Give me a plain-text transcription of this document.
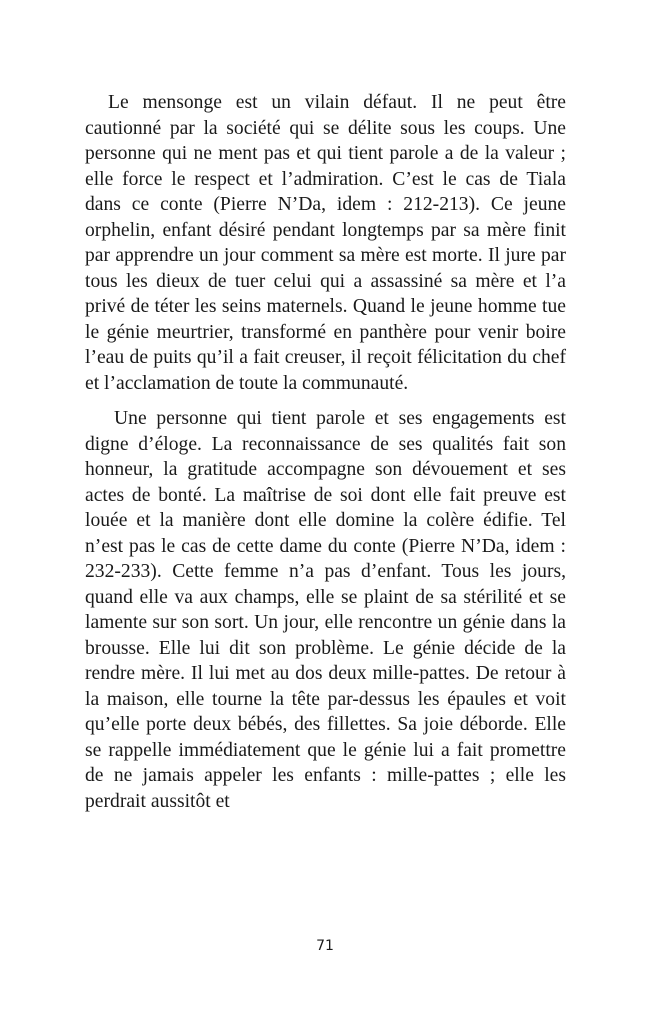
Le mensonge est un vilain défaut. Il ne peut être cautionné par la société qui se délite sous les coups. Une personne qui ne ment pas et qui tient parole a de la valeur ; elle force le respect et l’admiration. C’est le cas de Tiala dans ce conte (Pierre N’Da, idem : 212-213). Ce jeune orphelin, enfant désiré pendant longtemps par sa mère finit par apprendre un jour comment sa mère est morte. Il jure par tous les dieux de tuer celui qui a assassiné sa mère et l’a privé de téter les seins maternels. Quand le jeune homme tue le génie meurtrier, transformé en panthère pour venir boire l’eau de puits qu’il a fait creuser, il reçoit félicitation du chef et l’acclamation de toute la communauté.

Une personne qui tient parole et ses engagements est digne d’éloge. La reconnaissance de ses qualités fait son honneur, la gratitude accompagne son dévouement et ses actes de bonté. La maîtrise de soi dont elle fait preuve est louée et la manière dont elle domine la colère édifie. Tel n’est pas le cas de cette dame du conte (Pierre N’Da, idem : 232-233). Cette femme n’a pas d’enfant. Tous les jours, quand elle va aux champs, elle se plaint de sa stérilité et se lamente sur son sort. Un jour, elle rencontre un génie dans la brousse. Elle lui dit son problème. Le génie décide de la rendre mère. Il lui met au dos deux mille-pattes. De retour à la maison, elle tourne la tête par-dessus les épaules et voit qu’elle porte deux bébés, des fillettes. Sa joie déborde. Elle se rappelle immédiatement que le génie lui a fait promettre de ne jamais appeler les enfants : mille-pattes ; elle les perdrait aussitôt et

71
